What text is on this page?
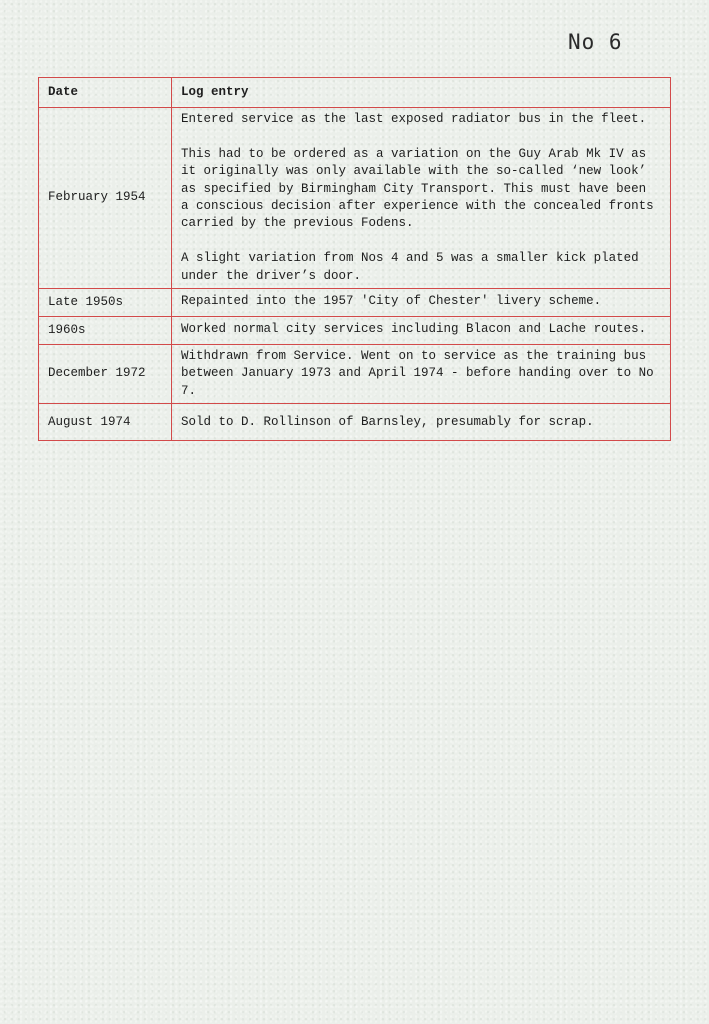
No 6
Date	Log entry
February 1954	Entered service as the last exposed radiator bus in the fleet.

This had to be ordered as a variation on the Guy Arab Mk IV as it originally was only available with the so-called ‘new look’ as specified by Birmingham City Transport. This must have been a conscious decision after experience with the concealed fronts carried by the previous Fodens.

A slight variation from Nos 4 and 5 was a smaller kick plated under the driver’s door.

Late 1950s	Repainted into the 1957 'City of Chester' livery scheme.

1960s	Worked normal city services including Blacon and Lache routes.

December 1972	Withdrawn from Service. Went on to service as the training bus between January 1973 and April 1974 - before handing over to No 7.

August 1974	Sold to D. Rollinson of Barnsley, presumably for scrap.
